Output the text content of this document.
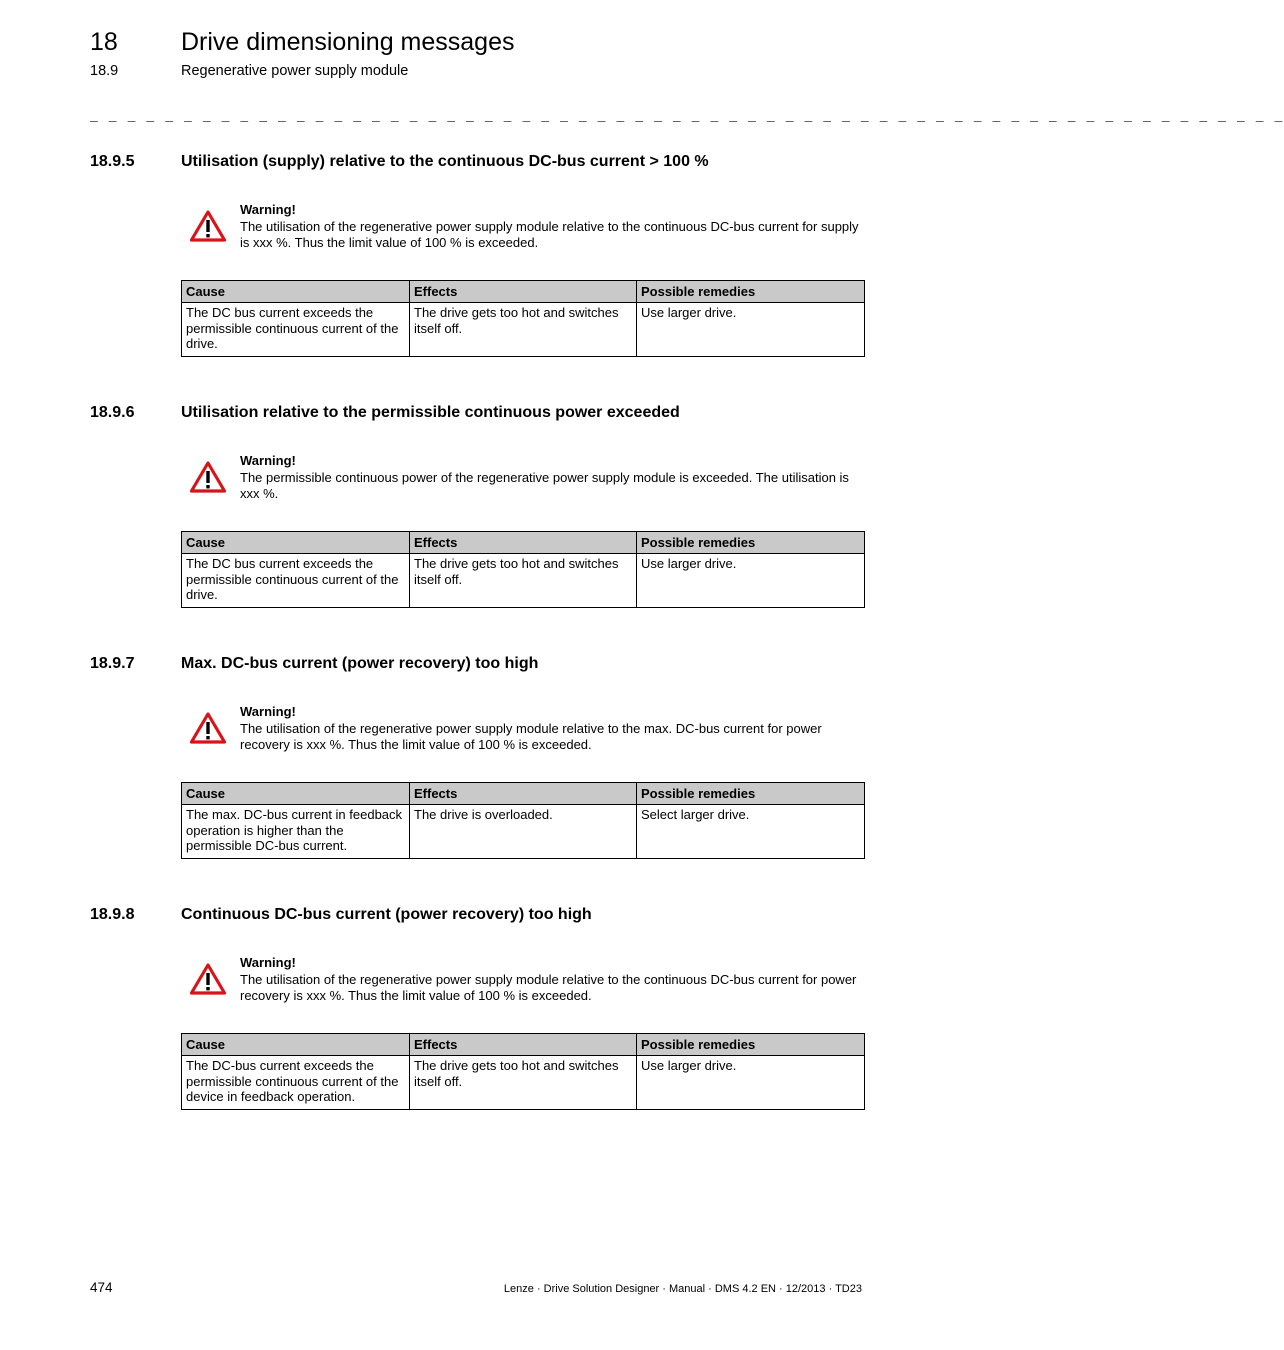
18	Drive dimensioning messages
18.9	Regenerative power supply module
_ _ _ _ _ _ _ _ _ _ _ _ _ _ _ _ _ _ _ _ _ _ _ _ _ _ _ _ _ _ _ _ _ _ _ _ _ _ _ _ _ _ _ _ _ _ _ _ _ _ _ _ _ _ _ _ _ _ _ _ _ _ _ _
18.9.5	Utilisation (supply) relative to the continuous DC-bus current > 100 %
Warning!
The utilisation of the regenerative power supply module relative to the continuous DC-bus current for supply is xxx %. Thus the limit value of 100 % is exceeded.
Cause	Effects	Possible remedies
The DC bus current exceeds the permissible continuous current of the drive.	The drive gets too hot and switches itself off.	Use larger drive.
18.9.6	Utilisation relative to the permissible continuous power exceeded
Warning!
The permissible continuous power of the regenerative power supply module is exceeded. The utilisation is xxx %.
Cause	Effects	Possible remedies
The DC bus current exceeds the permissible continuous current of the drive.	The drive gets too hot and switches itself off.	Use larger drive.
18.9.7	Max. DC-bus current (power recovery) too high
Warning!
The utilisation of the regenerative power supply module relative to the max. DC-bus current for power recovery is xxx %. Thus the limit value of 100 % is exceeded.
Cause	Effects	Possible remedies
The max. DC-bus current in feedback operation is higher than the permissible DC-bus current.	The drive is overloaded.	Select larger drive.
18.9.8	Continuous DC-bus current (power recovery) too high
Warning!
The utilisation of the regenerative power supply module relative to the continuous DC-bus current for power recovery is xxx %. Thus the limit value of 100 % is exceeded.
Cause	Effects	Possible remedies
The DC-bus current exceeds the permissible continuous current of the device in feedback operation.	The drive gets too hot and switches itself off.	Use larger drive.
474	Lenze · Drive Solution Designer · Manual · DMS 4.2 EN · 12/2013 · TD23
